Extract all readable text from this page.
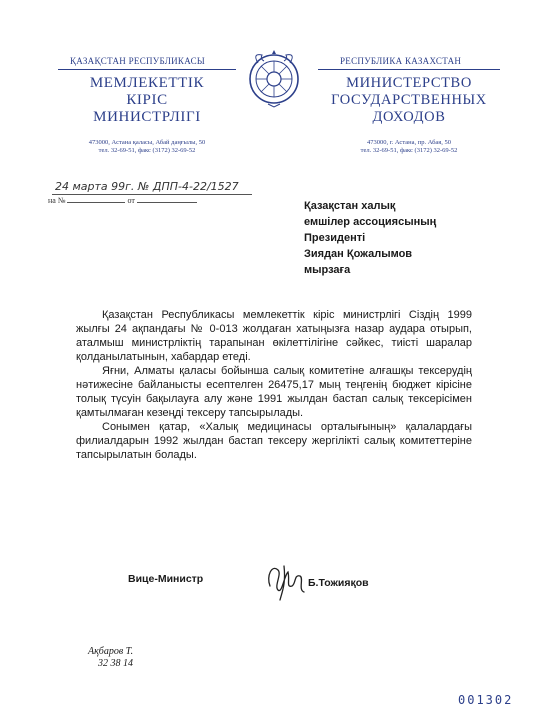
ҚАЗАҚСТАН РЕСПУБЛИКАСЫ
МЕМЛЕКЕТТІК
КІРІС
МИНИСТРЛІГІ
473000, Астана қаласы, Абай даңғылы, 50
тел. 32-69-51, факс (3172) 32-69-52
РЕСПУБЛИКА КАЗАХСТАН
МИНИСТЕРСТВО
ГОСУДАРСТВЕННЫХ
ДОХОДОВ
473000, г. Астана, пр. Абая, 50
тел. 32-69-51, факс (3172) 32-69-52
24 марта 99г. № ДПП-4-22/1527
на №	от	Қазақстан халық
емшілер ассоциясының
Президенті
Зиядан Қожалымов
мырзаға

Қазақстан Республикасы мемлекеттік кіріс министрлігі Сіздің 1999 жылғы 24 ақпандағы № 0-013 жолдаған хатыңызға назар аудара отырып, аталмыш министрліктің тарапынан өкілеттілігіне сәйкес, тиісті шаралар қолданылатынын, хабардар етеді.

Яғни, Алматы қаласы бойынша салық комитетіне алғашқы тексерудің нәтижесіне байланысты есептелген 26475,17 мың теңгенің бюджет кірісіне толық түсуін бақылауға алу және 1991 жылдан бастап салық тексерісімен қамтылмаған кезеңді тексеру тапсырылады.

Сонымен қатар, «Халық медицинасы орталығының» қалалардағы филиалдарын 1992 жылдан бастап тексеру жергілікті салық комитеттеріне тапсырылатын болады.

Вице-Министр	Б.Тожияқов
Ақбаров Т.
32 38 14
001302
